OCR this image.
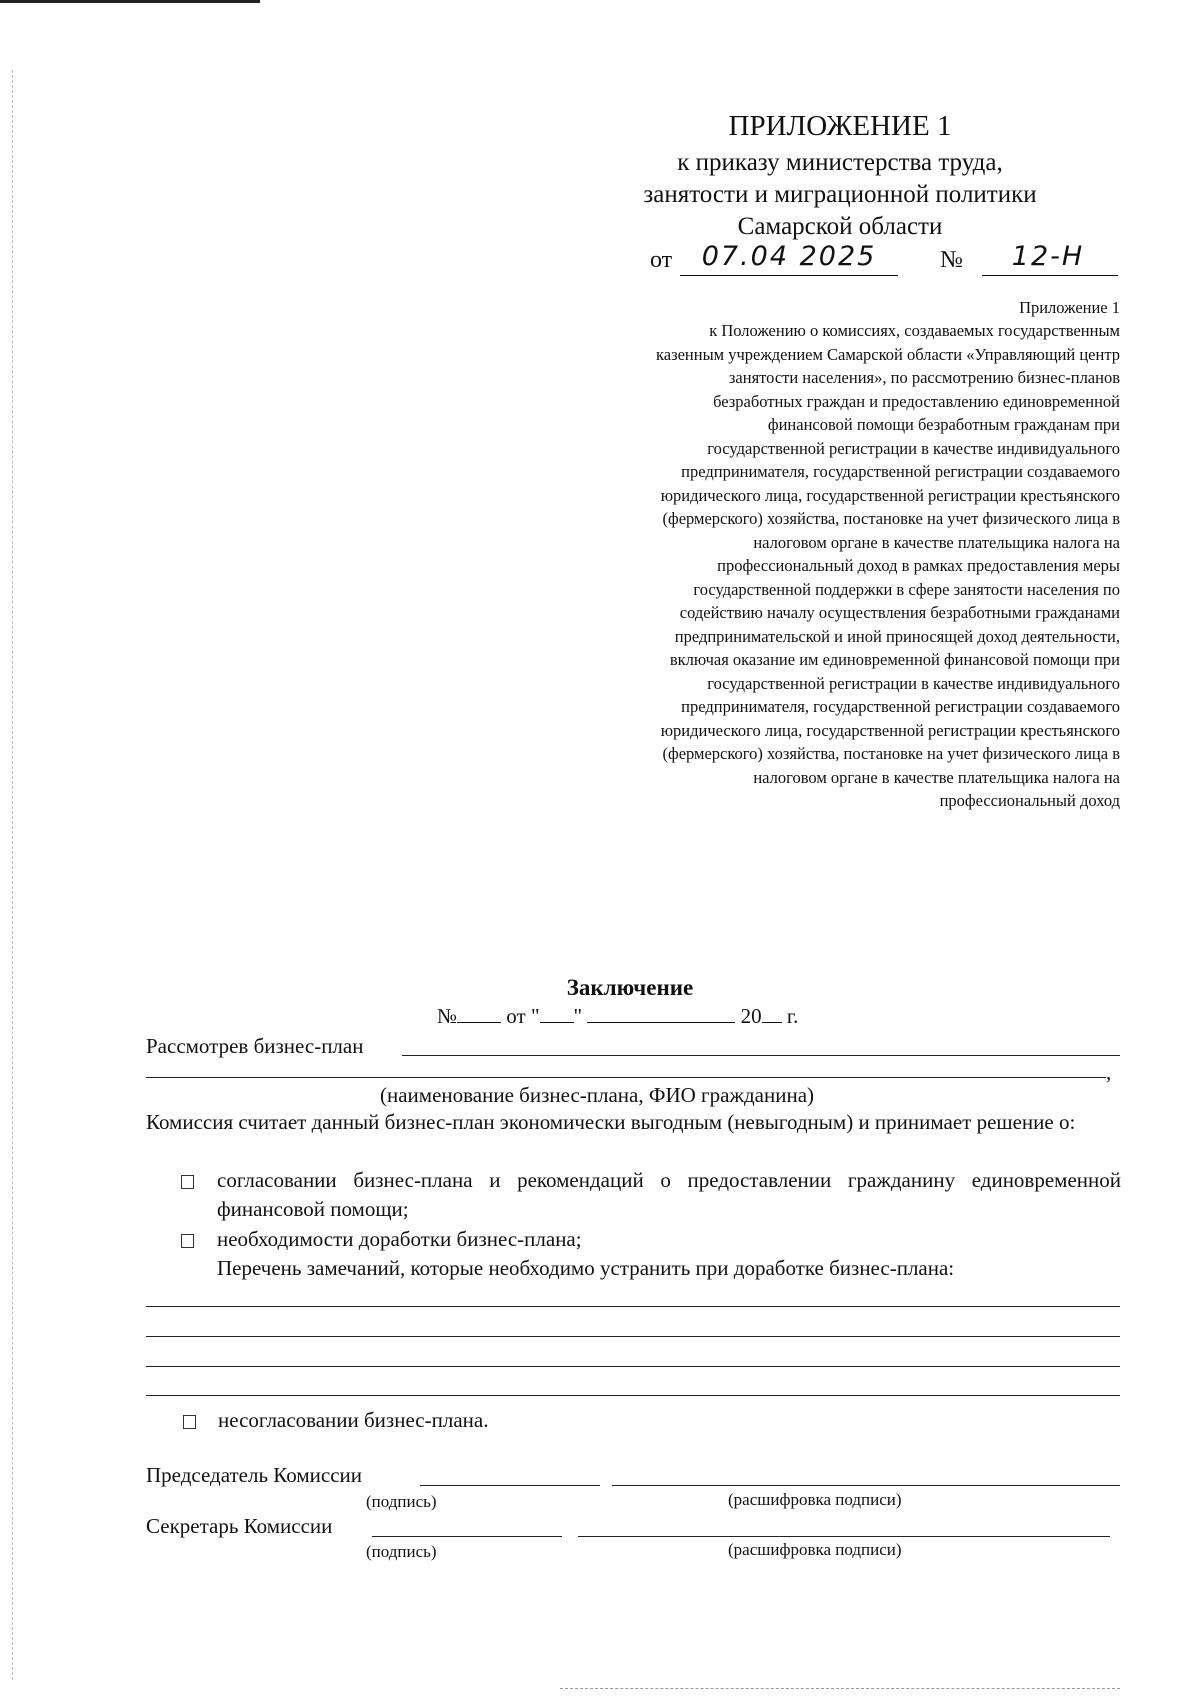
ПРИЛОЖЕНИЕ 1
к приказу министерства труда,
занятости и миграционной политики
Самарской области
от	07.04 2025	№	12-Н
Приложение 1
к Положению о комиссиях, создаваемых государственным казенным учреждением Самарской области «Управляющий центр занятости населения», по рассмотрению бизнес-планов безработных граждан и предоставлению единовременной финансовой помощи безработным гражданам при государственной регистрации в качестве индивидуального предпринимателя, государственной регистрации создаваемого юридического лица, государственной регистрации крестьянского (фермерского) хозяйства, постановке на учет физического лица в налоговом органе в качестве плательщика налога на профессиональный доход в рамках предоставления меры государственной поддержки в сфере занятости населения по содействию началу осуществления безработными гражданами предпринимательской и иной приносящей доход деятельности, включая оказание им единовременной финансовой помощи при государственной регистрации в качестве индивидуального предпринимателя, государственной регистрации создаваемого юридического лица, государственной регистрации крестьянского (фермерского) хозяйства, постановке на учет физического лица в налоговом органе в качестве плательщика налога на профессиональный доход
Заключение
№ от " "	20 г.
Рассмотрев бизнес-план
,
(наименование бизнес-плана, ФИО гражданина)
Комиссия считает данный бизнес-план экономически выгодным (невыгодным) и принимает решение о:
согласовании бизнес-плана и рекомендаций о предоставлении гражданину единовременной финансовой помощи;
необходимости доработки бизнес-плана;
Перечень замечаний, которые необходимо устранить при доработке бизнес-плана:
несогласовании бизнес-плана.
Председатель Комиссии
(подпись)	(расшифровка подписи)
Секретарь Комиссии
(подпись)	(расшифровка подписи)
